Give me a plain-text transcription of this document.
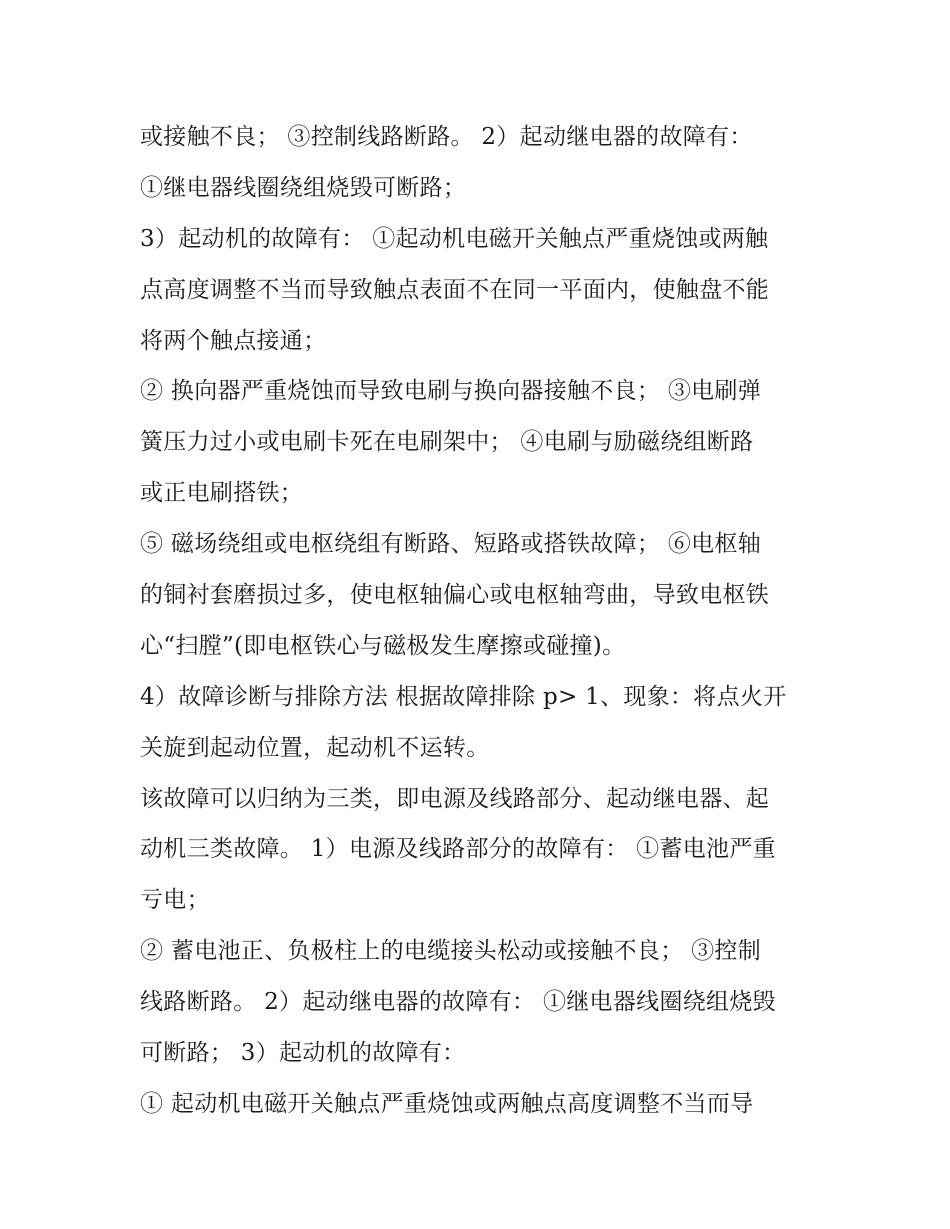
或接触不良； ③控制线路断路。 2）起动继电器的故障有：
①继电器线圈绕组烧毁可断路；
3）起动机的故障有： ①起动机电磁开关触点严重烧蚀或两触
点高度调整不当而导致触点表面不在同一平面内，使触盘不能
将两个触点接通；
② 换向器严重烧蚀而导致电刷与换向器接触不良； ③电刷弹
簧压力过小或电刷卡死在电刷架中； ④电刷与励磁绕组断路
或正电刷搭铁；
⑤ 磁场绕组或电枢绕组有断路、短路或搭铁故障； ⑥电枢轴
的铜衬套磨损过多，使电枢轴偏心或电枢轴弯曲，导致电枢铁
心“扫膛”(即电枢铁心与磁极发生摩擦或碰撞)。
4）故障诊断与排除方法 根据故障排除 p> 1、现象：将点火开
关旋到起动位置，起动机不运转。
该故障可以归纳为三类，即电源及线路部分、起动继电器、起
动机三类故障。 1）电源及线路部分的故障有： ①蓄电池严重
亏电；
② 蓄电池正、负极柱上的电缆接头松动或接触不良； ③控制
线路断路。 2）起动继电器的故障有： ①继电器线圈绕组烧毁
可断路； 3）起动机的故障有：
① 起动机电磁开关触点严重烧蚀或两触点高度调整不当而导
